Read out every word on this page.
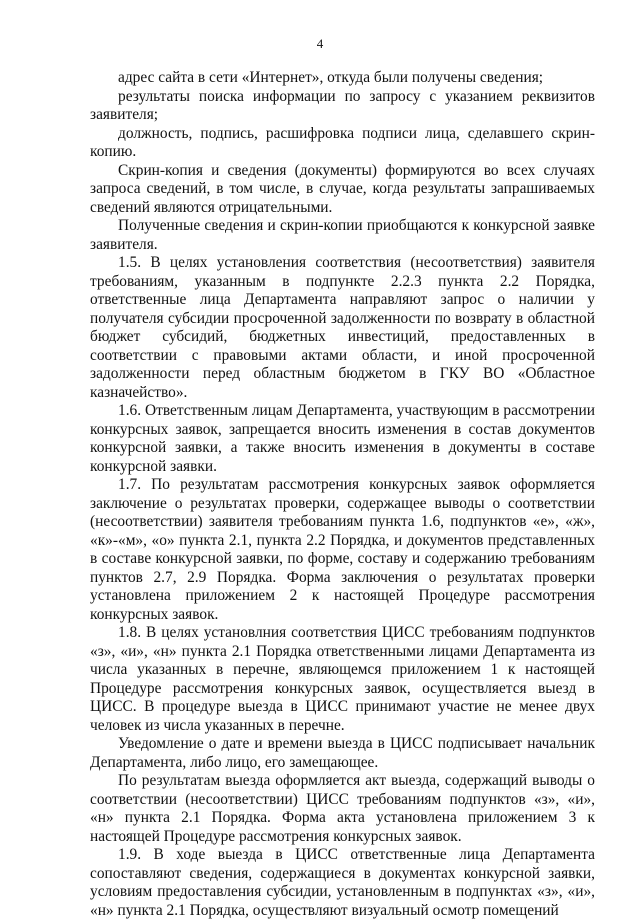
4

адрес сайта в сети «Интернет», откуда были получены сведения;

результаты поиска информации по запросу с указанием реквизитов заявителя;

должность, подпись, расшифровка подписи лица, сделавшего скрин-копию.

Скрин-копия и сведения (документы) формируются во всех случаях запроса сведений, в том числе, в случае, когда результаты запрашиваемых сведений являются отрицательными.

Полученные сведения и скрин-копии приобщаются к конкурсной заявке заявителя.

1.5. В целях установления соответствия (несоответствия) заявителя требованиям, указанным в подпункте 2.2.3 пункта 2.2 Порядка, ответственные лица Департамента направляют запрос о наличии у получателя субсидии просроченной задолженности по возврату в областной бюджет субсидий, бюджетных инвестиций, предоставленных в соответствии с правовыми актами области, и иной просроченной задолженности перед областным бюджетом в ГКУ ВО «Областное казначейство».

1.6. Ответственным лицам Департамента, участвующим в рассмотрении конкурсных заявок, запрещается вносить изменения в состав документов конкурсной заявки, а также вносить изменения в документы в составе конкурсной заявки.

1.7. По результатам рассмотрения конкурсных заявок оформляется заключение о результатах проверки, содержащее выводы о соответствии (несоответствии) заявителя требованиям пункта 1.6, подпунктов «е», «ж», «к»-«м», «о» пункта 2.1, пункта 2.2 Порядка, и документов представленных в составе конкурсной заявки, по форме, составу и содержанию требованиям пунктов 2.7, 2.9 Порядка. Форма заключения о результатах проверки установлена приложением 2 к настоящей Процедуре рассмотрения конкурсных заявок.

1.8. В целях установлния соответствия ЦИСС требованиям подпунктов «з», «и», «н» пункта 2.1 Порядка ответственными лицами Департамента из числа указанных в перечне, являющемся приложением 1 к настоящей Процедуре рассмотрения конкурсных заявок, осуществляется выезд в ЦИСС. В процедуре выезда в ЦИСС принимают участие не менее двух человек из числа указанных в перечне.

Уведомление о дате и времени выезда в ЦИСС подписывает начальник Департамента, либо лицо, его замещающее.

По результатам выезда оформляется акт выезда, содержащий выводы о соответствии (несоответствии) ЦИСС требованиям подпунктов «з», «и», «н» пункта 2.1 Порядка. Форма акта установлена приложением 3 к настоящей Процедуре рассмотрения конкурсных заявок.

1.9. В ходе выезда в ЦИСС ответственные лица Департамента сопоставляют сведения, содержащиеся в документах конкурсной заявки, условиям предоставления субсидии, установленным в подпунктах «з», «и», «н» пункта 2.1 Порядка, осуществляют визуальный осмотр помещений
